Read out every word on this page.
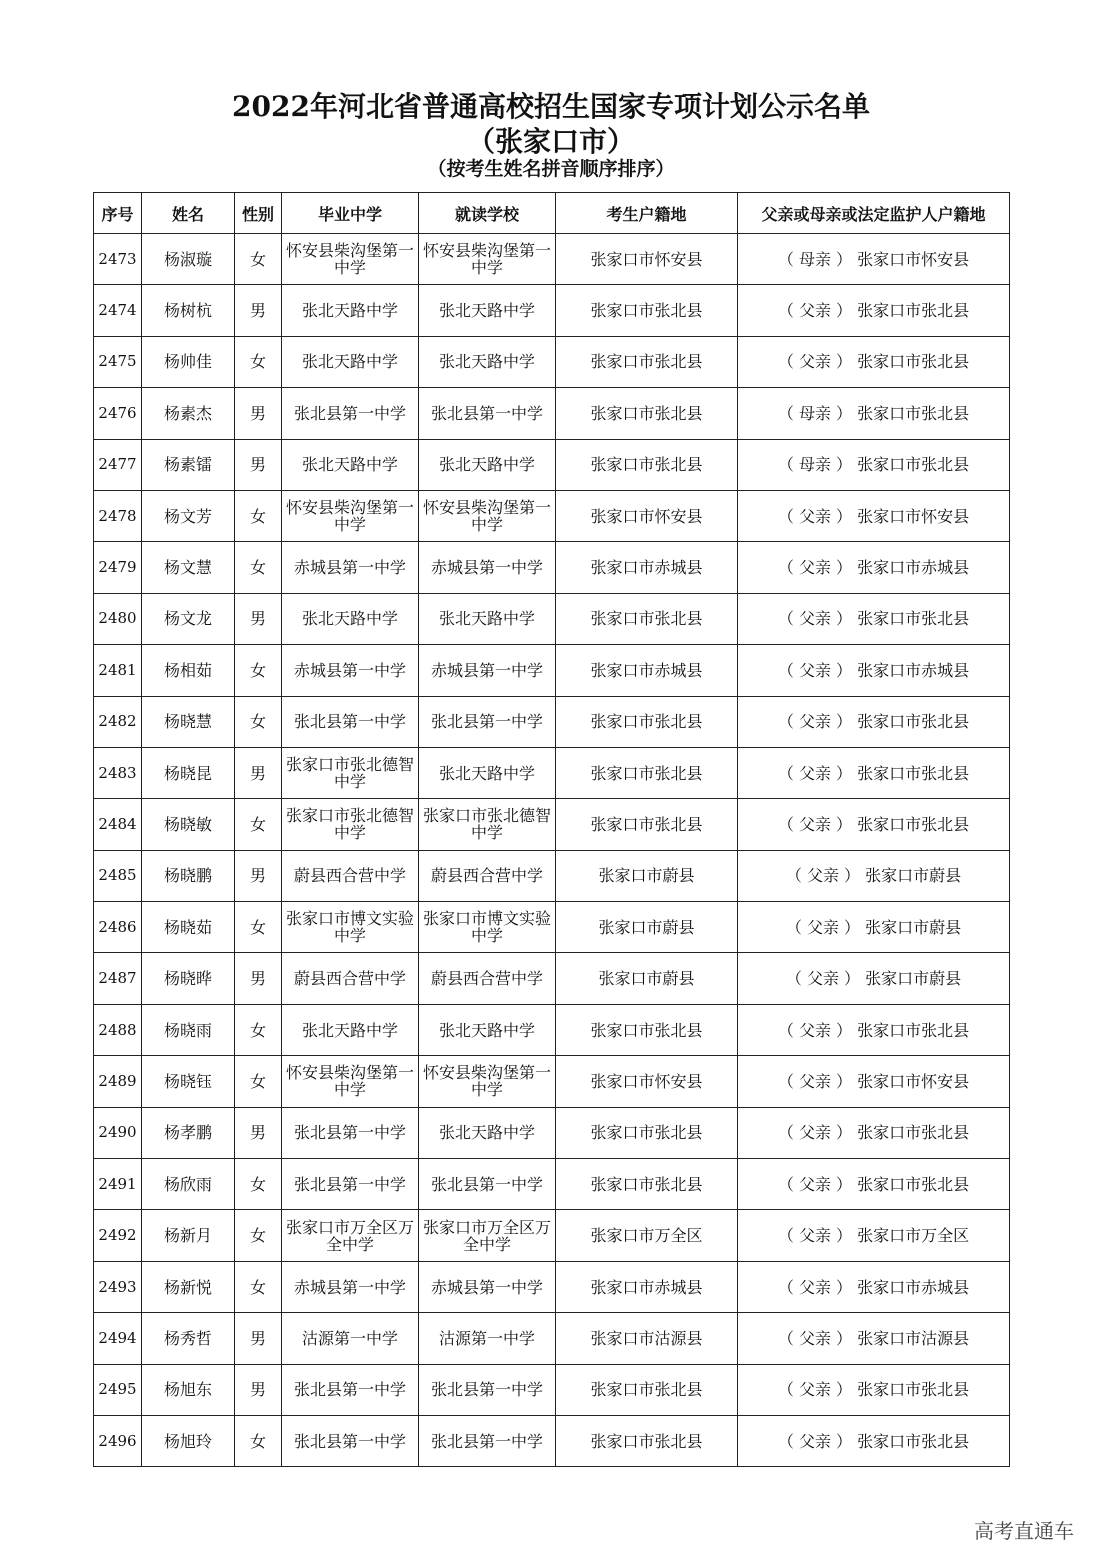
2022年河北省普通高校招生国家专项计划公示名单
（张家口市）
（按考生姓名拼音顺序排序）
序号	姓名	性别	毕业中学	就读学校	考生户籍地	父亲或母亲或法定监护人户籍地

2473	杨淑璇	女	怀安县柴沟堡第一中学	怀安县柴沟堡第一中学	张家口市怀安县	（ 母亲 ） 张家口市怀安县

2474	杨树杭	男	张北天路中学	张北天路中学	张家口市张北县	（ 父亲 ） 张家口市张北县

2475	杨帅佳	女	张北天路中学	张北天路中学	张家口市张北县	（ 父亲 ） 张家口市张北县

2476	杨素杰	男	张北县第一中学	张北县第一中学	张家口市张北县	（ 母亲 ） 张家口市张北县

2477	杨素镭	男	张北天路中学	张北天路中学	张家口市张北县	（ 母亲 ） 张家口市张北县

2478	杨文芳	女	怀安县柴沟堡第一中学	怀安县柴沟堡第一中学	张家口市怀安县	（ 父亲 ） 张家口市怀安县

2479	杨文慧	女	赤城县第一中学	赤城县第一中学	张家口市赤城县	（ 父亲 ） 张家口市赤城县

2480	杨文龙	男	张北天路中学	张北天路中学	张家口市张北县	（ 父亲 ） 张家口市张北县

2481	杨相茹	女	赤城县第一中学	赤城县第一中学	张家口市赤城县	（ 父亲 ） 张家口市赤城县

2482	杨晓慧	女	张北县第一中学	张北县第一中学	张家口市张北县	（ 父亲 ） 张家口市张北县

2483	杨晓昆	男	张家口市张北德智中学	张北天路中学	张家口市张北县	（ 父亲 ） 张家口市张北县

2484	杨晓敏	女	张家口市张北德智中学	张家口市张北德智中学	张家口市张北县	（ 父亲 ） 张家口市张北县

2485	杨晓鹏	男	蔚县西合营中学	蔚县西合营中学	张家口市蔚县	（ 父亲 ） 张家口市蔚县

2486	杨晓茹	女	张家口市博文实验中学	张家口市博文实验中学	张家口市蔚县	（ 父亲 ） 张家口市蔚县

2487	杨晓晔	男	蔚县西合营中学	蔚县西合营中学	张家口市蔚县	（ 父亲 ） 张家口市蔚县

2488	杨晓雨	女	张北天路中学	张北天路中学	张家口市张北县	（ 父亲 ） 张家口市张北县

2489	杨晓钰	女	怀安县柴沟堡第一中学	怀安县柴沟堡第一中学	张家口市怀安县	（ 父亲 ） 张家口市怀安县

2490	杨孝鹏	男	张北县第一中学	张北天路中学	张家口市张北县	（ 父亲 ） 张家口市张北县

2491	杨欣雨	女	张北县第一中学	张北县第一中学	张家口市张北县	（ 父亲 ） 张家口市张北县

2492	杨新月	女	张家口市万全区万全中学	张家口市万全区万全中学	张家口市万全区	（ 父亲 ） 张家口市万全区

2493	杨新悦	女	赤城县第一中学	赤城县第一中学	张家口市赤城县	（ 父亲 ） 张家口市赤城县

2494	杨秀哲	男	沽源第一中学	沽源第一中学	张家口市沽源县	（ 父亲 ） 张家口市沽源县

2495	杨旭东	男	张北县第一中学	张北县第一中学	张家口市张北县	（ 父亲 ） 张家口市张北县

2496	杨旭玲	女	张北县第一中学	张北县第一中学	张家口市张北县	（ 父亲 ） 张家口市张北县
高考直通车
